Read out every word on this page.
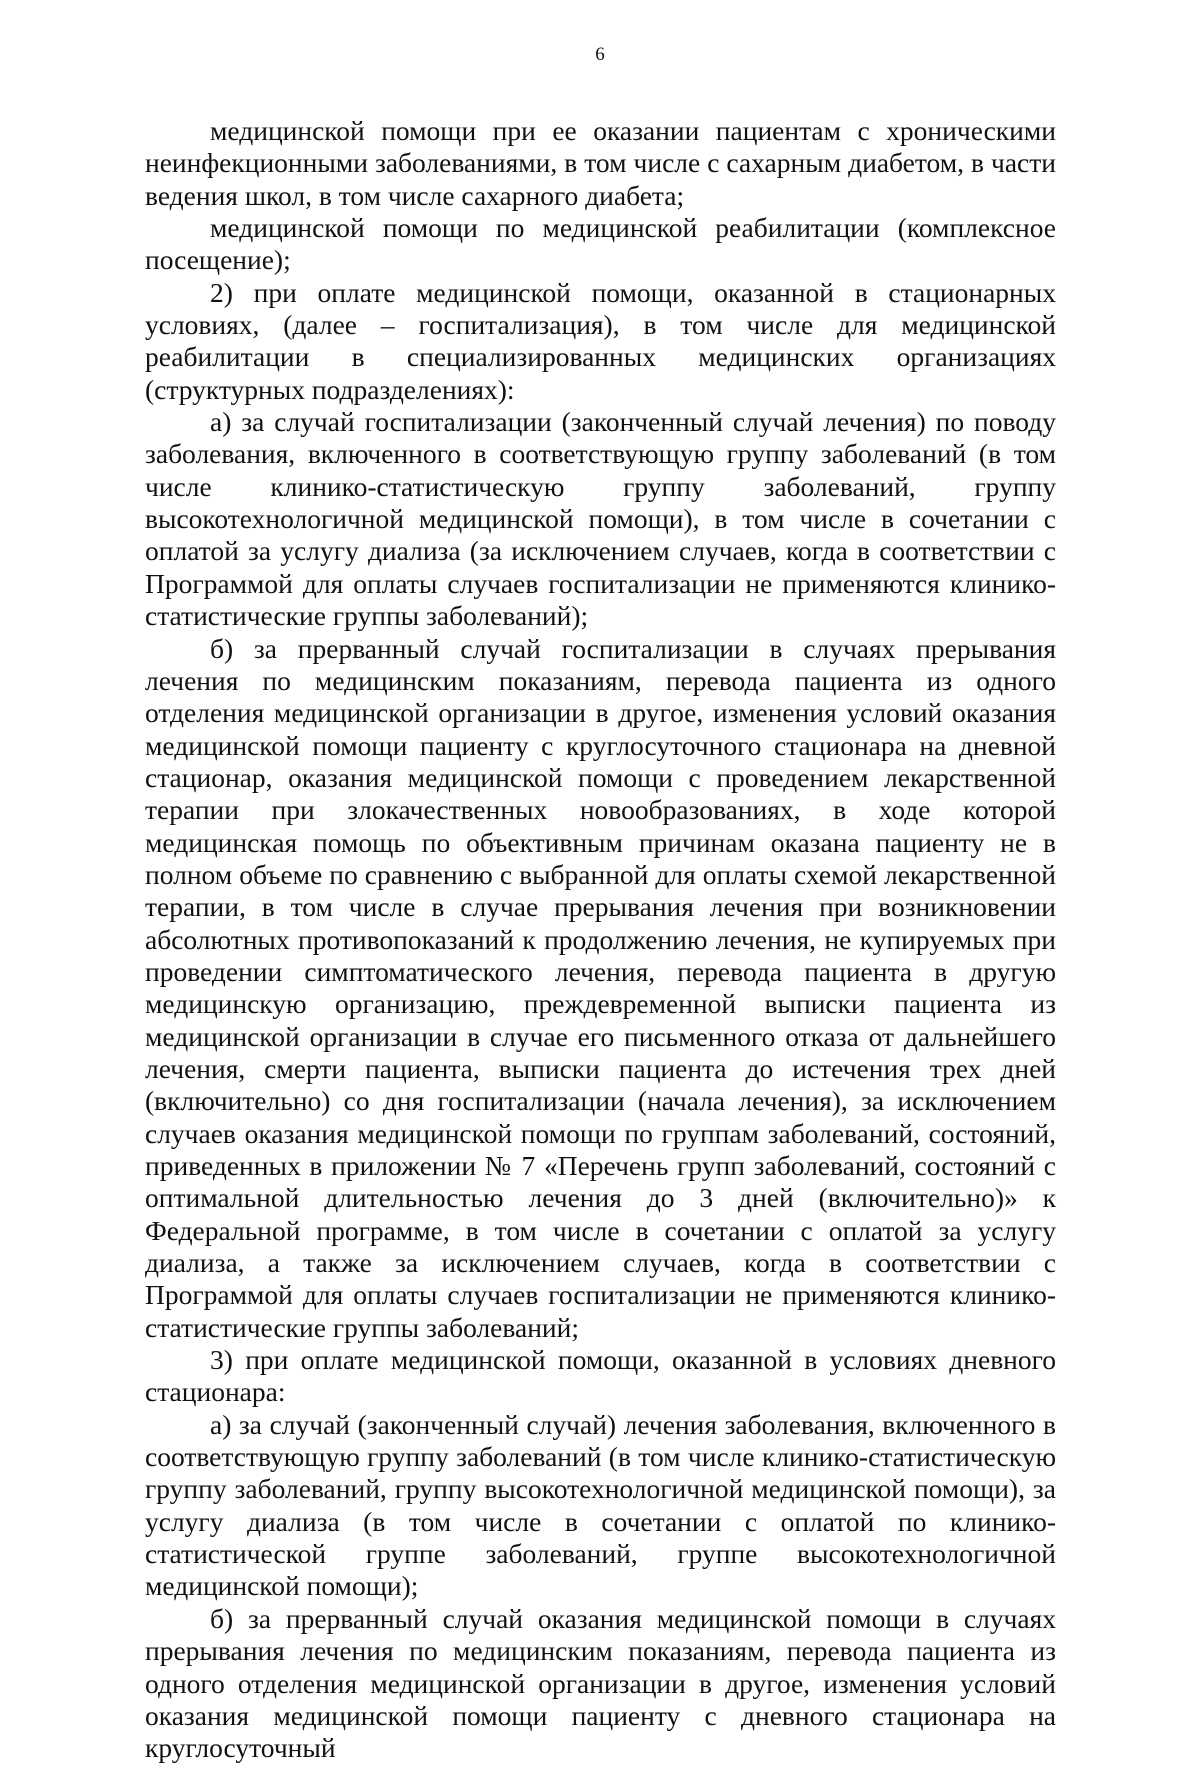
6

медицинской помощи при ее оказании пациентам с хроническими неинфекционными заболеваниями, в том числе с сахарным диабетом, в части ведения школ, в том числе сахарного диабета;

медицинской помощи по медицинской реабилитации (комплексное посещение);

2) при оплате медицинской помощи, оказанной в стационарных условиях, (далее – госпитализация), в том числе для медицинской реабилитации в специализированных медицинских организациях (структурных подразделениях):

а) за случай госпитализации (законченный случай лечения) по поводу заболевания, включенного в соответствующую группу заболеваний (в том числе клинико-статистическую группу заболеваний, группу высокотехнологичной медицинской помощи), в том числе в сочетании с оплатой за услугу диализа (за исключением случаев, когда в соответствии с Программой для оплаты случаев госпитализации не применяются клинико-статистические группы заболеваний);

б) за прерванный случай госпитализации в случаях прерывания лечения по медицинским показаниям, перевода пациента из одного отделения медицинской организации в другое, изменения условий оказания медицинской помощи пациенту с круглосуточного стационара на дневной стационар, оказания медицинской помощи с проведением лекарственной терапии при злокачественных новообразованиях, в ходе которой медицинская помощь по объективным причинам оказана пациенту не в полном объеме по сравнению с выбранной для оплаты схемой лекарственной терапии, в том числе в случае прерывания лечения при возникновении абсолютных противопоказаний к продолжению лечения, не купируемых при проведении симптоматического лечения, перевода пациента в другую медицинскую организацию, преждевременной выписки пациента из медицинской организации в случае его письменного отказа от дальнейшего лечения, смерти пациента, выписки пациента до истечения трех дней (включительно) со дня госпитализации (начала лечения), за исключением случаев оказания медицинской помощи по группам заболеваний, состояний, приведенных в приложении № 7 «Перечень групп заболеваний, состояний с оптимальной длительностью лечения до 3 дней (включительно)» к Федеральной программе, в том числе в сочетании с оплатой за услугу диализа, а также за исключением случаев, когда в соответствии с Программой для оплаты случаев госпитализации не применяются клинико-статистические группы заболеваний;

3) при оплате медицинской помощи, оказанной в условиях дневного стационара:

а) за случай (законченный случай) лечения заболевания, включенного в соответствующую группу заболеваний (в том числе клинико-статистическую группу заболеваний, группу высокотехнологичной медицинской помощи), за услугу диализа (в том числе в сочетании с оплатой по клинико-статистической группе заболеваний, группе высокотехнологичной медицинской помощи);

б) за прерванный случай оказания медицинской помощи в случаях прерывания лечения по медицинским показаниям, перевода пациента из одного отделения медицинской организации в другое, изменения условий оказания медицинской помощи пациенту с дневного стационара на круглосуточный
